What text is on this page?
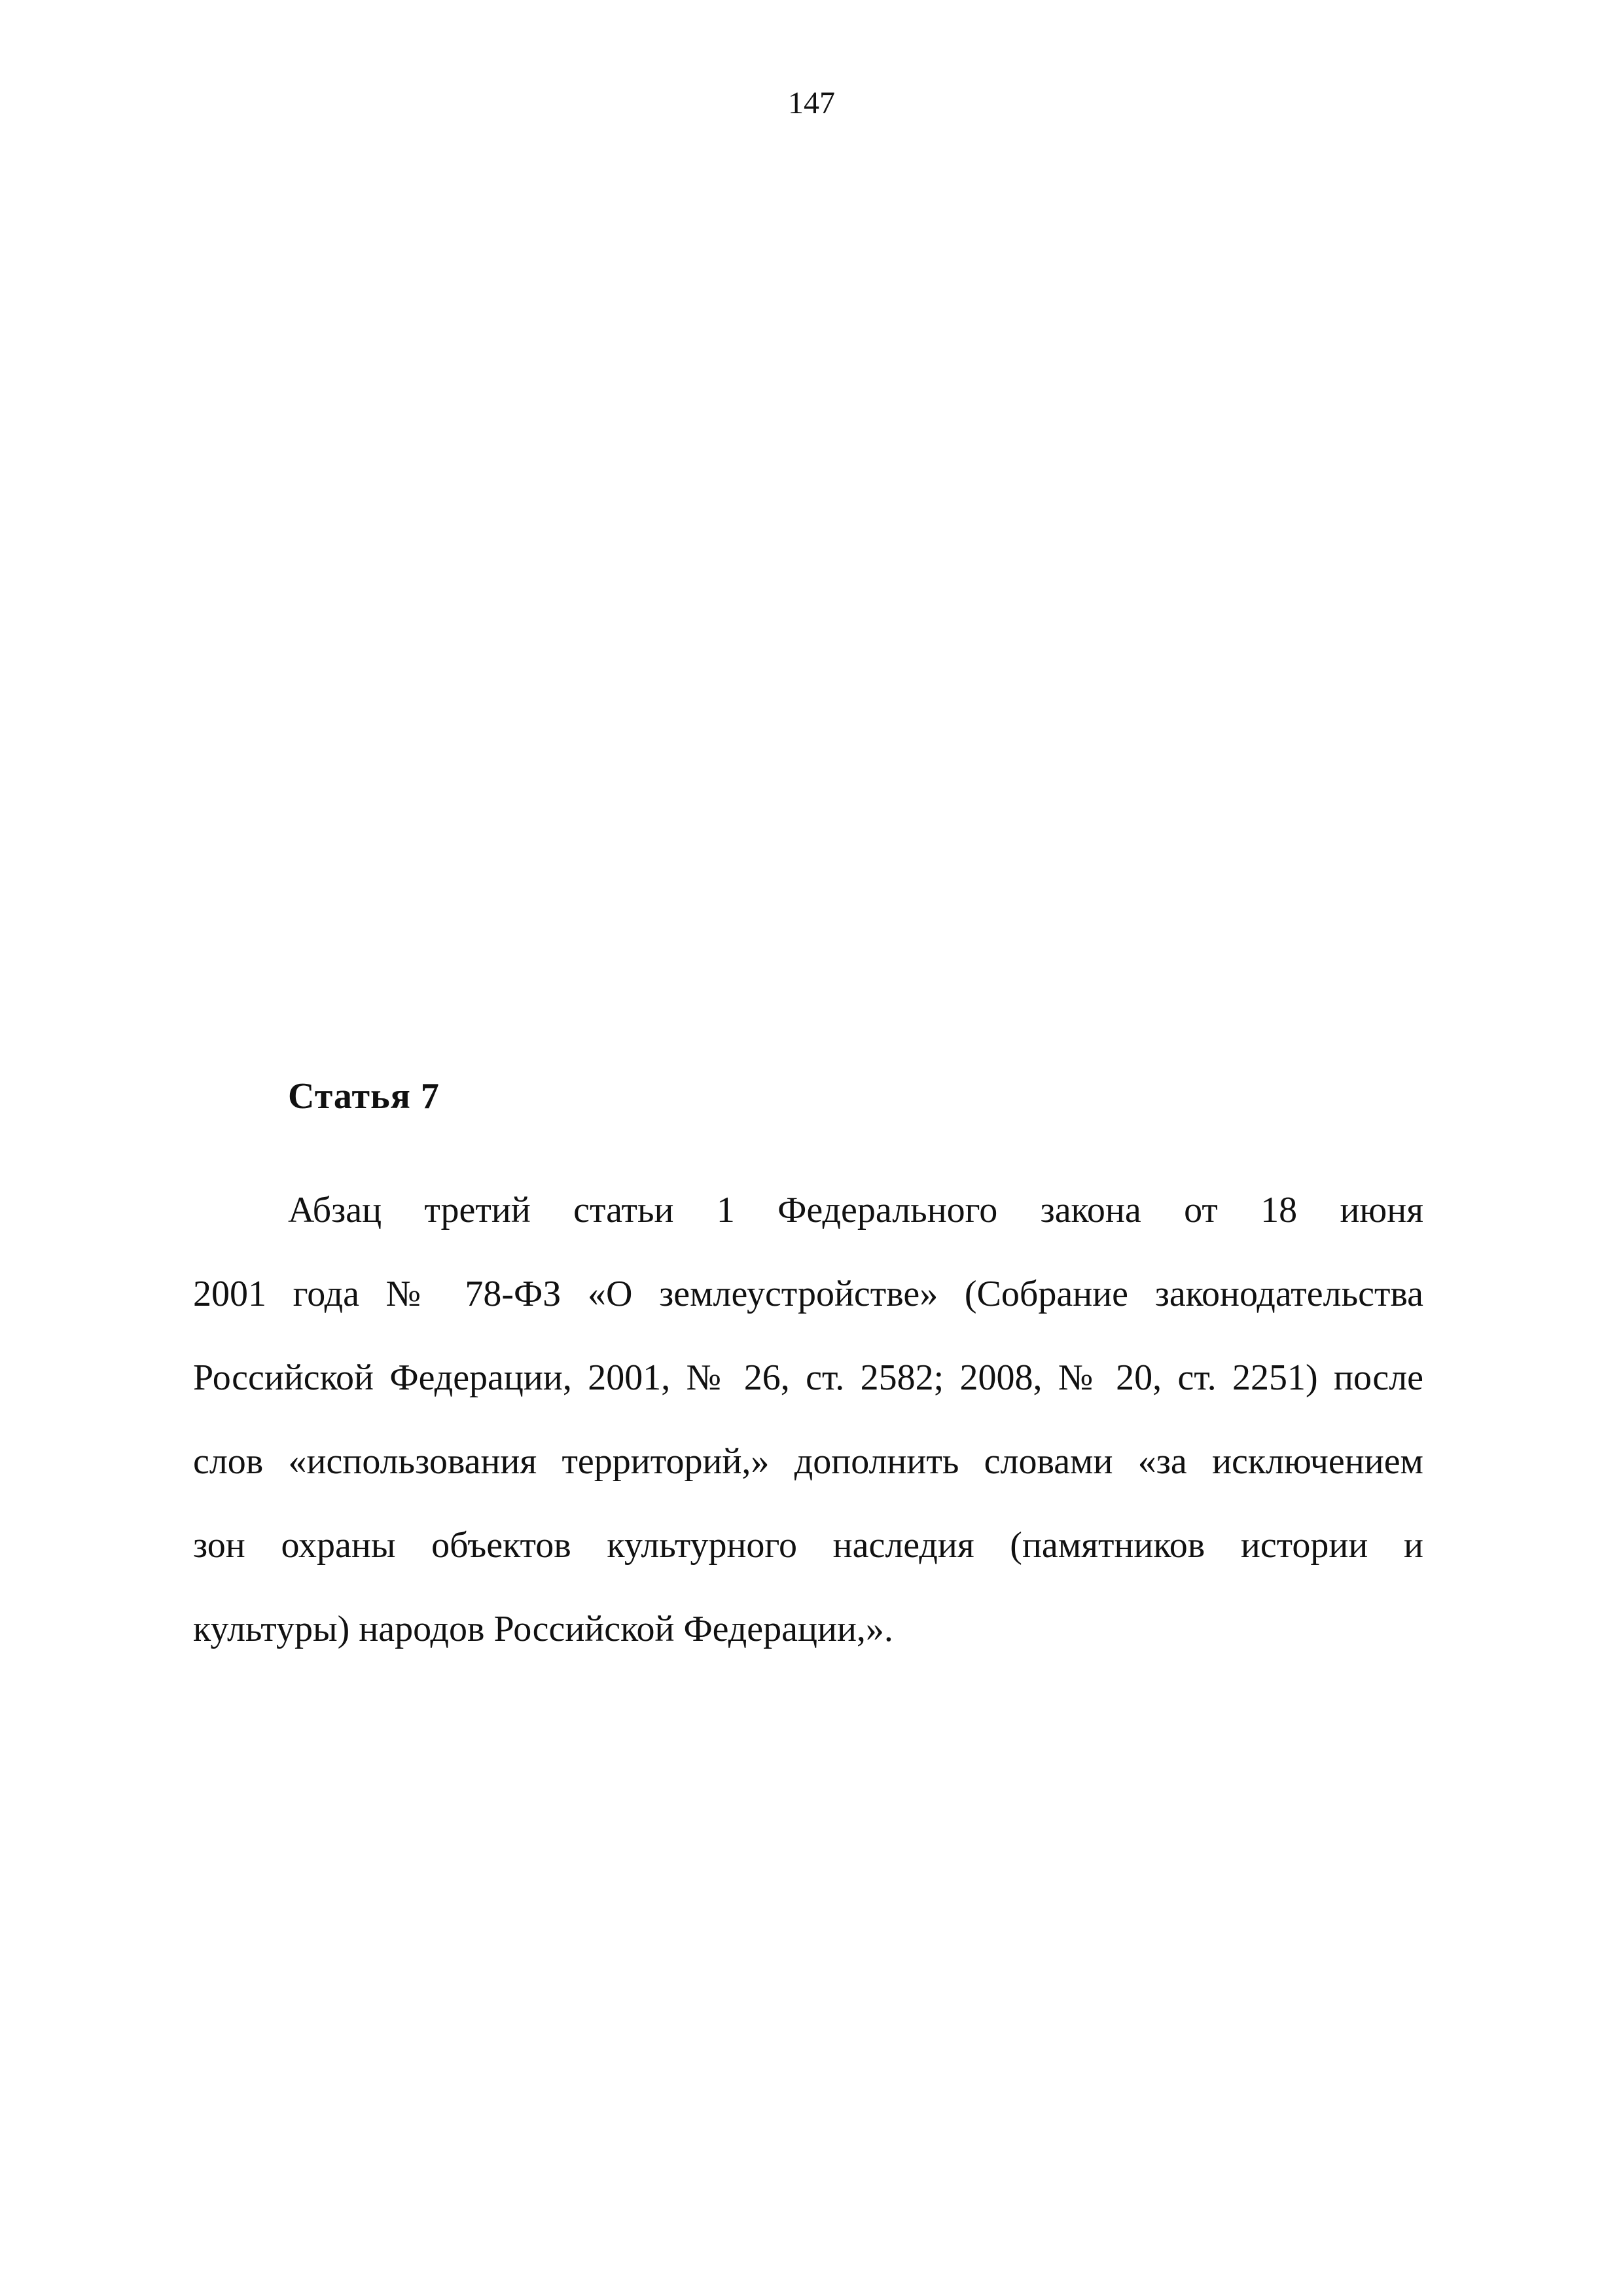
147
Статья 7
Абзац третий статьи 1 Федерального закона от 18 июня
2001 года № 78-ФЗ «О землеустройстве» (Собрание законодательства
Российской Федерации, 2001, № 26, ст. 2582; 2008, № 20, ст. 2251) после
слов «использования территорий,» дополнить словами «за исключением
зон охраны объектов культурного наследия (памятников истории и
культуры) народов Российской Федерации,».
